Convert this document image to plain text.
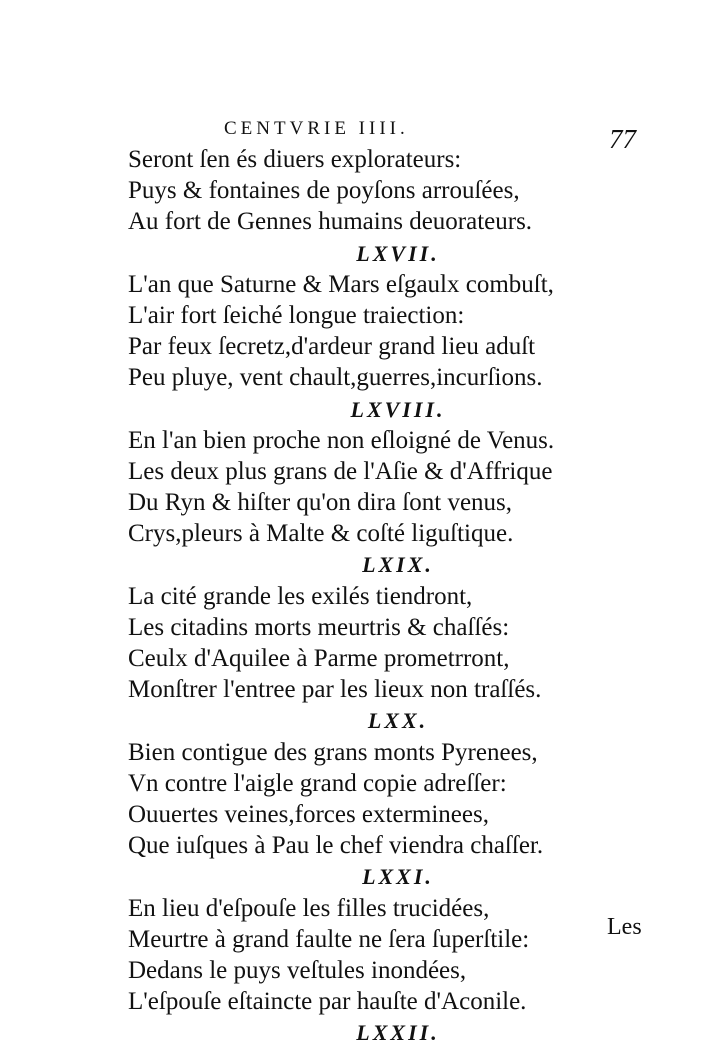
CENTVRIE IIII.	77
Seront ſen és diuers explorateurs:
Puys & fontaines de poyſons arrouſées,
Au fort de Gennes humains deuorateurs.
LXVII.
L'an que Saturne & Mars eſgaulx combuſt,
L'air fort ſeiché longue traiection:
Par feux ſecretz,d'ardeur grand lieu aduſt
Peu pluye, vent chault,guerres,incurſions.
LXVIII.
En l'an bien proche non eſloigné de Venus.
Les deux plus grans de l'Aſie & d'Affrique
Du Ryn & hiſter qu'on dira ſont venus,
Crys,pleurs à Malte & coſté liguſtique.
LXIX.
La cité grande les exilés tiendront,
Les citadins morts meurtris & chaſſés:
Ceulx d'Aquilee à Parme prometrront,
Monſtrer l'entree par les lieux non traſſés.
LXX.
Bien contigue des grans monts Pyrenees,
Vn contre l'aigle grand copie adreſſer:
Ouuertes veines,forces exterminees,
Que iuſques à Pau le chef viendra chaſſer.
LXXI.
En lieu d'eſpouſe les filles trucidées,
Meurtre à grand faulte ne ſera ſuperſtile:
Dedans le puys veſtules inondées,
L'eſpouſe eſtaincte par hauſte d'Aconile.
LXXII.
Les
